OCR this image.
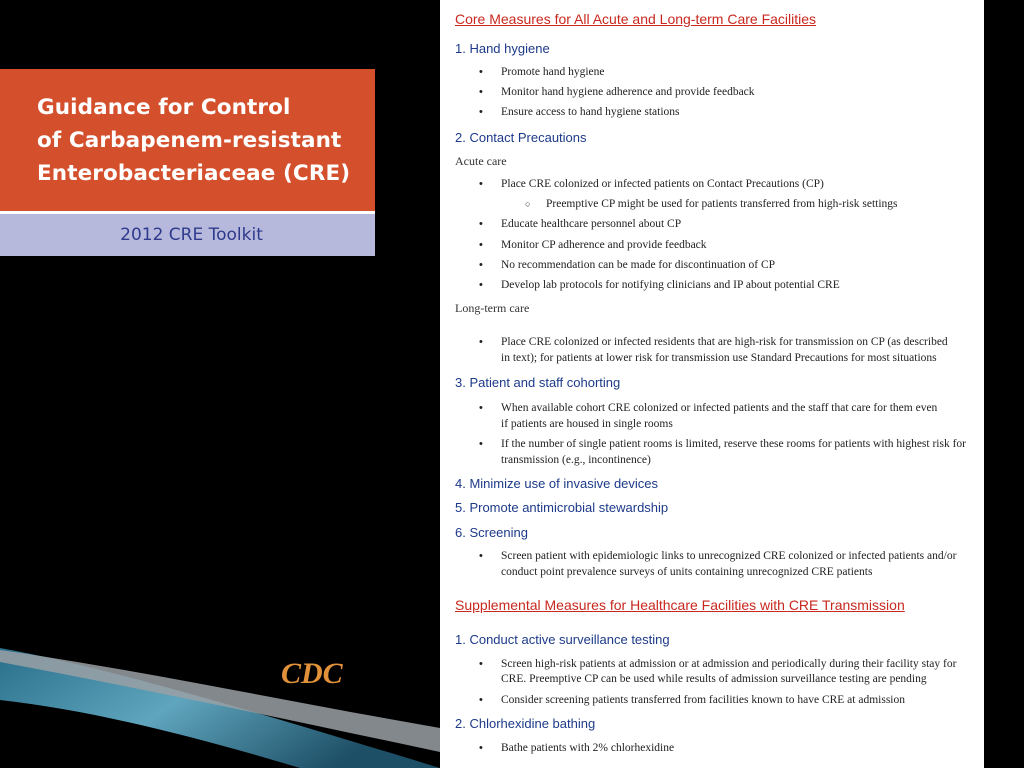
Guidance for Control
of Carbapenem-resistant
Enterobacteriaceae (CRE)
2012 CRE Toolkit
CDC
Core Measures for All Acute and Long-term Care Facilities
1. Hand hygiene
• Promote hand hygiene
• Monitor hand hygiene adherence and provide feedback
• Ensure access to hand hygiene stations
2. Contact Precautions
Acute care
• Place CRE colonized or infected patients on Contact Precautions (CP)
○ Preemptive CP might be used for patients transferred from high-risk settings
• Educate healthcare personnel about CP
• Monitor CP adherence and provide feedback
• No recommendation can be made for discontinuation of CP
• Develop lab protocols for notifying clinicians and IP about potential CRE
Long-term care
• Place CRE colonized or infected residents that are high-risk for transmission on CP (as described
in text); for patients at lower risk for transmission use Standard Precautions for most situations
3. Patient and staff cohorting
• When available cohort CRE colonized or infected patients and the staff that care for them even
if patients are housed in single rooms
• If the number of single patient rooms is limited, reserve these rooms for patients with highest risk for
transmission (e.g., incontinence)
4. Minimize use of invasive devices
5. Promote antimicrobial stewardship
6. Screening
• Screen patient with epidemiologic links to unrecognized CRE colonized or infected patients and/or
conduct point prevalence surveys of units containing unrecognized CRE patients
Supplemental Measures for Healthcare Facilities with CRE Transmission
1. Conduct active surveillance testing
• Screen high-risk patients at admission or at admission and periodically during their facility stay for
CRE. Preemptive CP can be used while results of admission surveillance testing are pending
• Consider screening patients transferred from facilities known to have CRE at admission
2. Chlorhexidine bathing
• Bathe patients with 2% chlorhexidine
